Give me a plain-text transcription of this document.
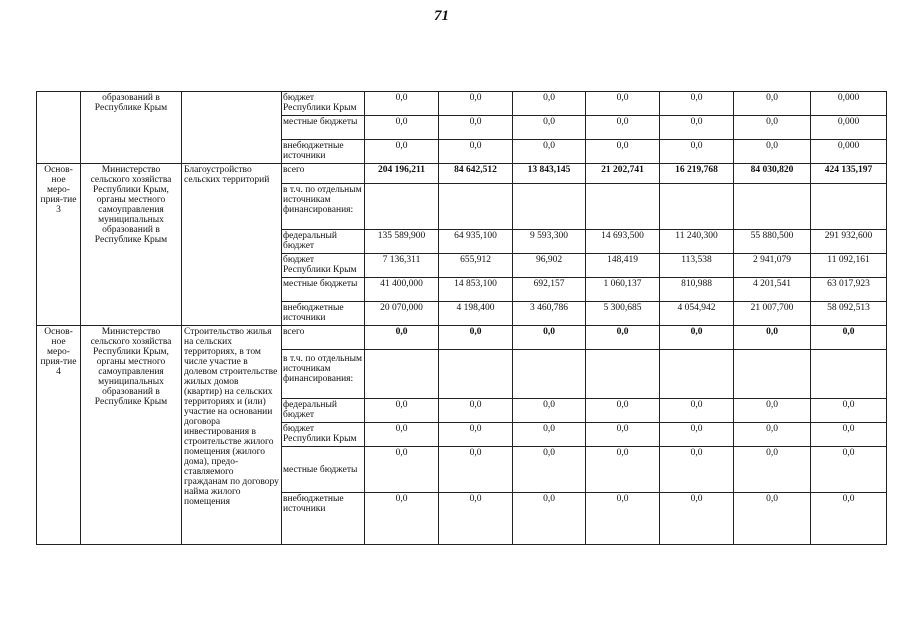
71
	образований в Республике Крым		бюджет Республики Крым	0,0	0,0	0,0	0,0	0,0	0,0	0,000
			местные бюджеты	0,0	0,0	0,0	0,0	0,0	0,0	0,000
			внебюджетные источники	0,0	0,0	0,0	0,0	0,0	0,0	0,000
Основ-ное меро-прия-тие 3	Министерство сельского хозяйства Республики Крым, органы местного самоуправления муниципальных образований в Республике Крым	Благоустройство сельских территорий	всего	204 196,211	84 642,512	13 843,145	21 202,741	16 219,768	84 030,820	424 135,197
			в т.ч. по отдельным источникам финансирования:							
			федеральный бюджет	135 589,900	64 935,100	9 593,300	14 693,500	11 240,300	55 880,500	291 932,600
			бюджет Республики Крым	7 136,311	655,912	96,902	148,419	113,538	2 941,079	11 092,161
			местные бюджеты	41 400,000	14 853,100	692,157	1 060,137	810,988	4 201,541	63 017,923
			внебюджетные источники	20 070,000	4 198,400	3 460,786	5 300,685	4 054,942	21 007,700	58 092,513
Основ-ное меро-прия-тие 4	Министерство сельского хозяйства Республики Крым, органы местного самоуправления муниципальных образований в Республике Крым	Строительство жилья на сельских территориях, в том числе участие в долевом строительстве жилых домов (квартир) на сельских территориях и (или) участие на основании договора инвестирования в строительстве жилого помещения (жилого дома), предо-ставляемого гражданам по договору найма жилого помещения	всего	0,0	0,0	0,0	0,0	0,0	0,0	0,0
			в т.ч. по отдельным источникам финансирования:							
			федеральный бюджет	0,0	0,0	0,0	0,0	0,0	0,0	0,0
			бюджет Республики Крым	0,0	0,0	0,0	0,0	0,0	0,0	0,0
			местные бюджеты	0,0	0,0	0,0	0,0	0,0	0,0	0,0
			внебюджетные источники	0,0	0,0	0,0	0,0	0,0	0,0	0,0
